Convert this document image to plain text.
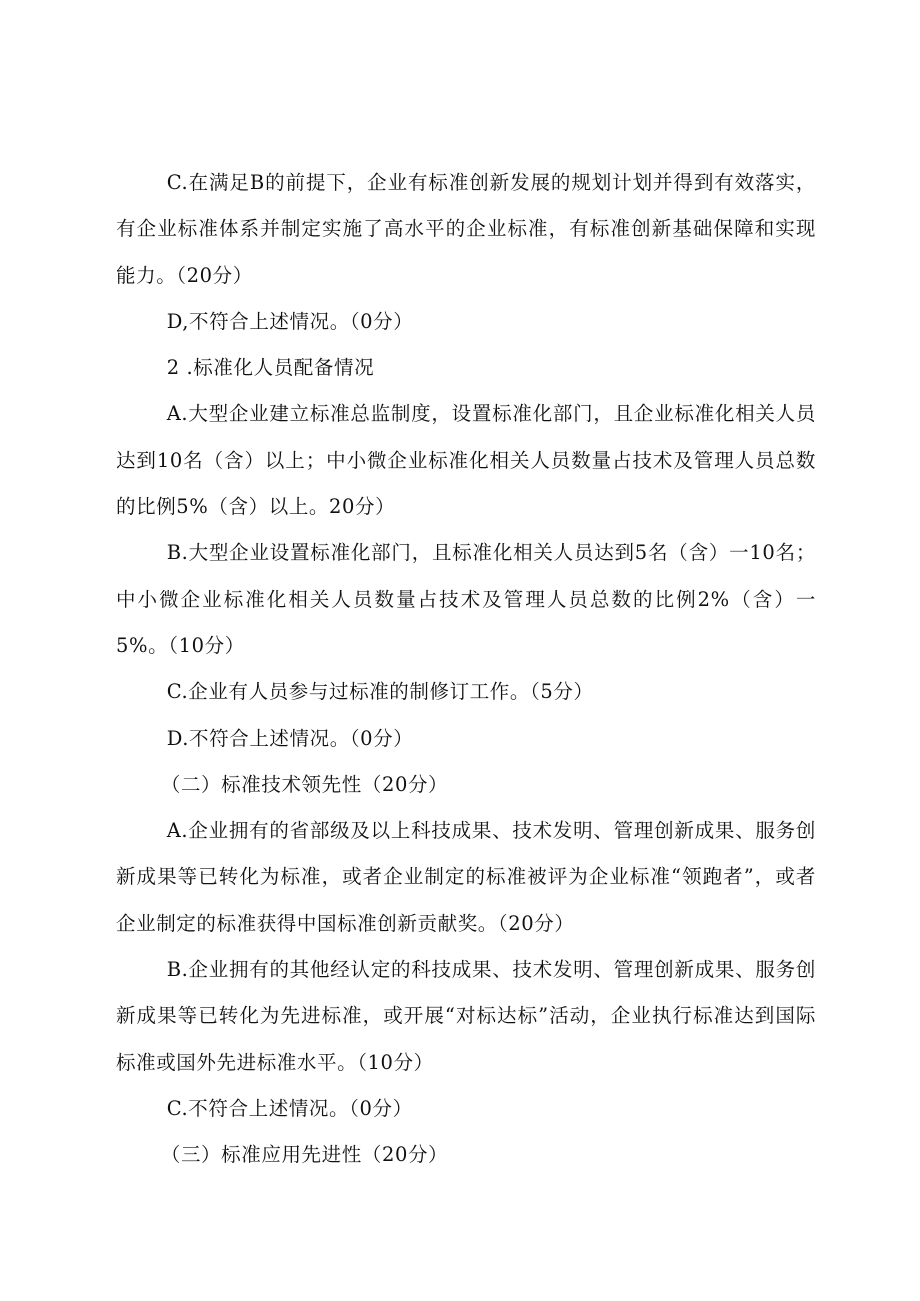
C.在满足B的前提下，企业有标准创新发展的规划计划并得到有效落实，有企业标准体系并制定实施了高水平的企业标准，有标准创新基础保障和实现能力。（20分）

D,不符合上述情况。（0分）

2 .标准化人员配备情况

A.大型企业建立标准总监制度，设置标准化部门，且企业标准化相关人员达到10名（含）以上；中小微企业标准化相关人员数量占技术及管理人员总数的比例5%（含）以上。20分）

B.大型企业设置标准化部门，且标准化相关人员达到5名（含）一10名；中小微企业标准化相关人员数量占技术及管理人员总数的比例2%（含）一5%。（10分）

C.企业有人员参与过标准的制修订工作。（5分）

D.不符合上述情况。（0分）

（二）标准技术领先性（20分）

A.企业拥有的省部级及以上科技成果、技术发明、管理创新成果、服务创新成果等已转化为标准，或者企业制定的标准被评为企业标准“领跑者”，或者企业制定的标准获得中国标准创新贡献奖。（20分）

B.企业拥有的其他经认定的科技成果、技术发明、管理创新成果、服务创新成果等已转化为先进标准，或开展“对标达标”活动，企业执行标准达到国际标准或国外先进标准水平。（10分）

C.不符合上述情况。（0分）

（三）标准应用先进性（20分）
